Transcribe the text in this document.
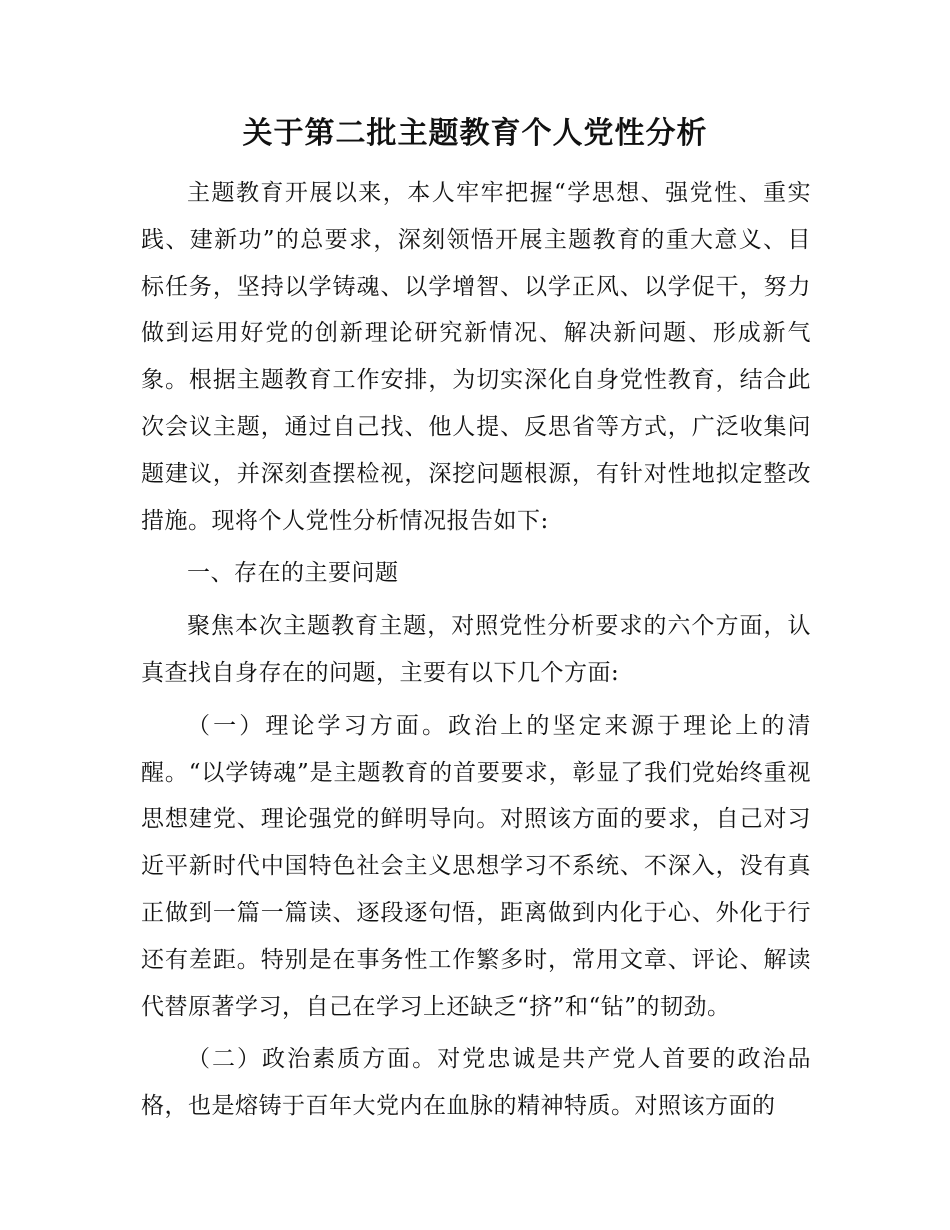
关于第二批主题教育个人党性分析

主题教育开展以来，本人牢牢把握“学思想、强党性、重实践、建新功”的总要求，深刻领悟开展主题教育的重大意义、目标任务，坚持以学铸魂、以学增智、以学正风、以学促干，努力做到运用好党的创新理论研究新情况、解决新问题、形成新气象。根据主题教育工作安排，为切实深化自身党性教育，结合此次会议主题，通过自己找、他人提、反思省等方式，广泛收集问题建议，并深刻查摆检视，深挖问题根源，有针对性地拟定整改措施。现将个人党性分析情况报告如下:

一、存在的主要问题

聚焦本次主题教育主题，对照党性分析要求的六个方面，认真查找自身存在的问题，主要有以下几个方面:

（一）理论学习方面。政治上的坚定来源于理论上的清醒。“以学铸魂”是主题教育的首要要求，彰显了我们党始终重视思想建党、理论强党的鲜明导向。对照该方面的要求，自己对习近平新时代中国特色社会主义思想学习不系统、不深入，没有真正做到一篇一篇读、逐段逐句悟，距离做到内化于心、外化于行还有差距。特别是在事务性工作繁多时，常用文章、评论、解读代替原著学习，自己在学习上还缺乏“挤”和“钻”的韧劲。

（二）政治素质方面。对党忠诚是共产党人首要的政治品格，也是熔铸于百年大党内在血脉的精神特质。对照该方面的
